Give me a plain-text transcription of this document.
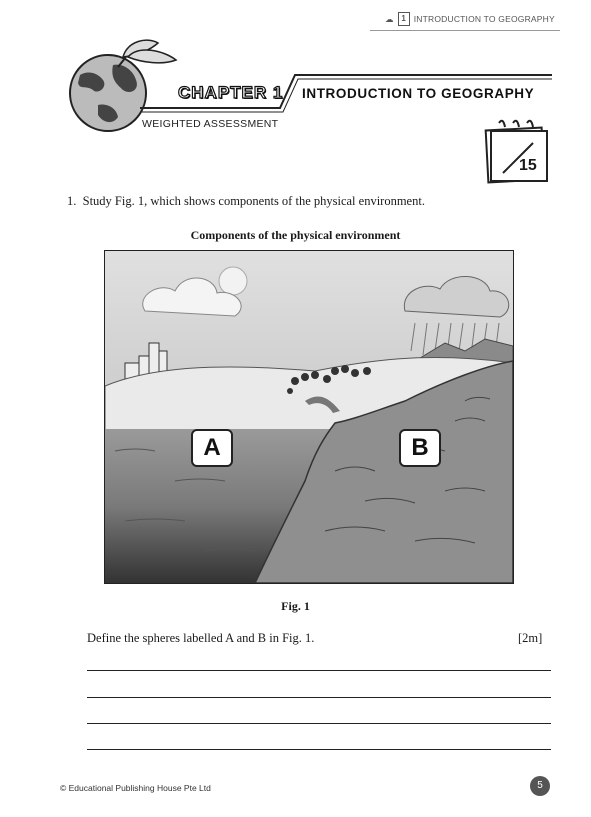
☁ 1 INTRODUCTION TO GEOGRAPHY
CHAPTER 1 INTRODUCTION TO GEOGRAPHY
WEIGHTED ASSESSMENT
15
1. Study Fig. 1, which shows components of the physical environment.
Components of the physical environment
A	B
Fig. 1
Define the spheres labelled A and B in Fig. 1.	[2m]
© Educational Publishing House Pte Ltd	5
